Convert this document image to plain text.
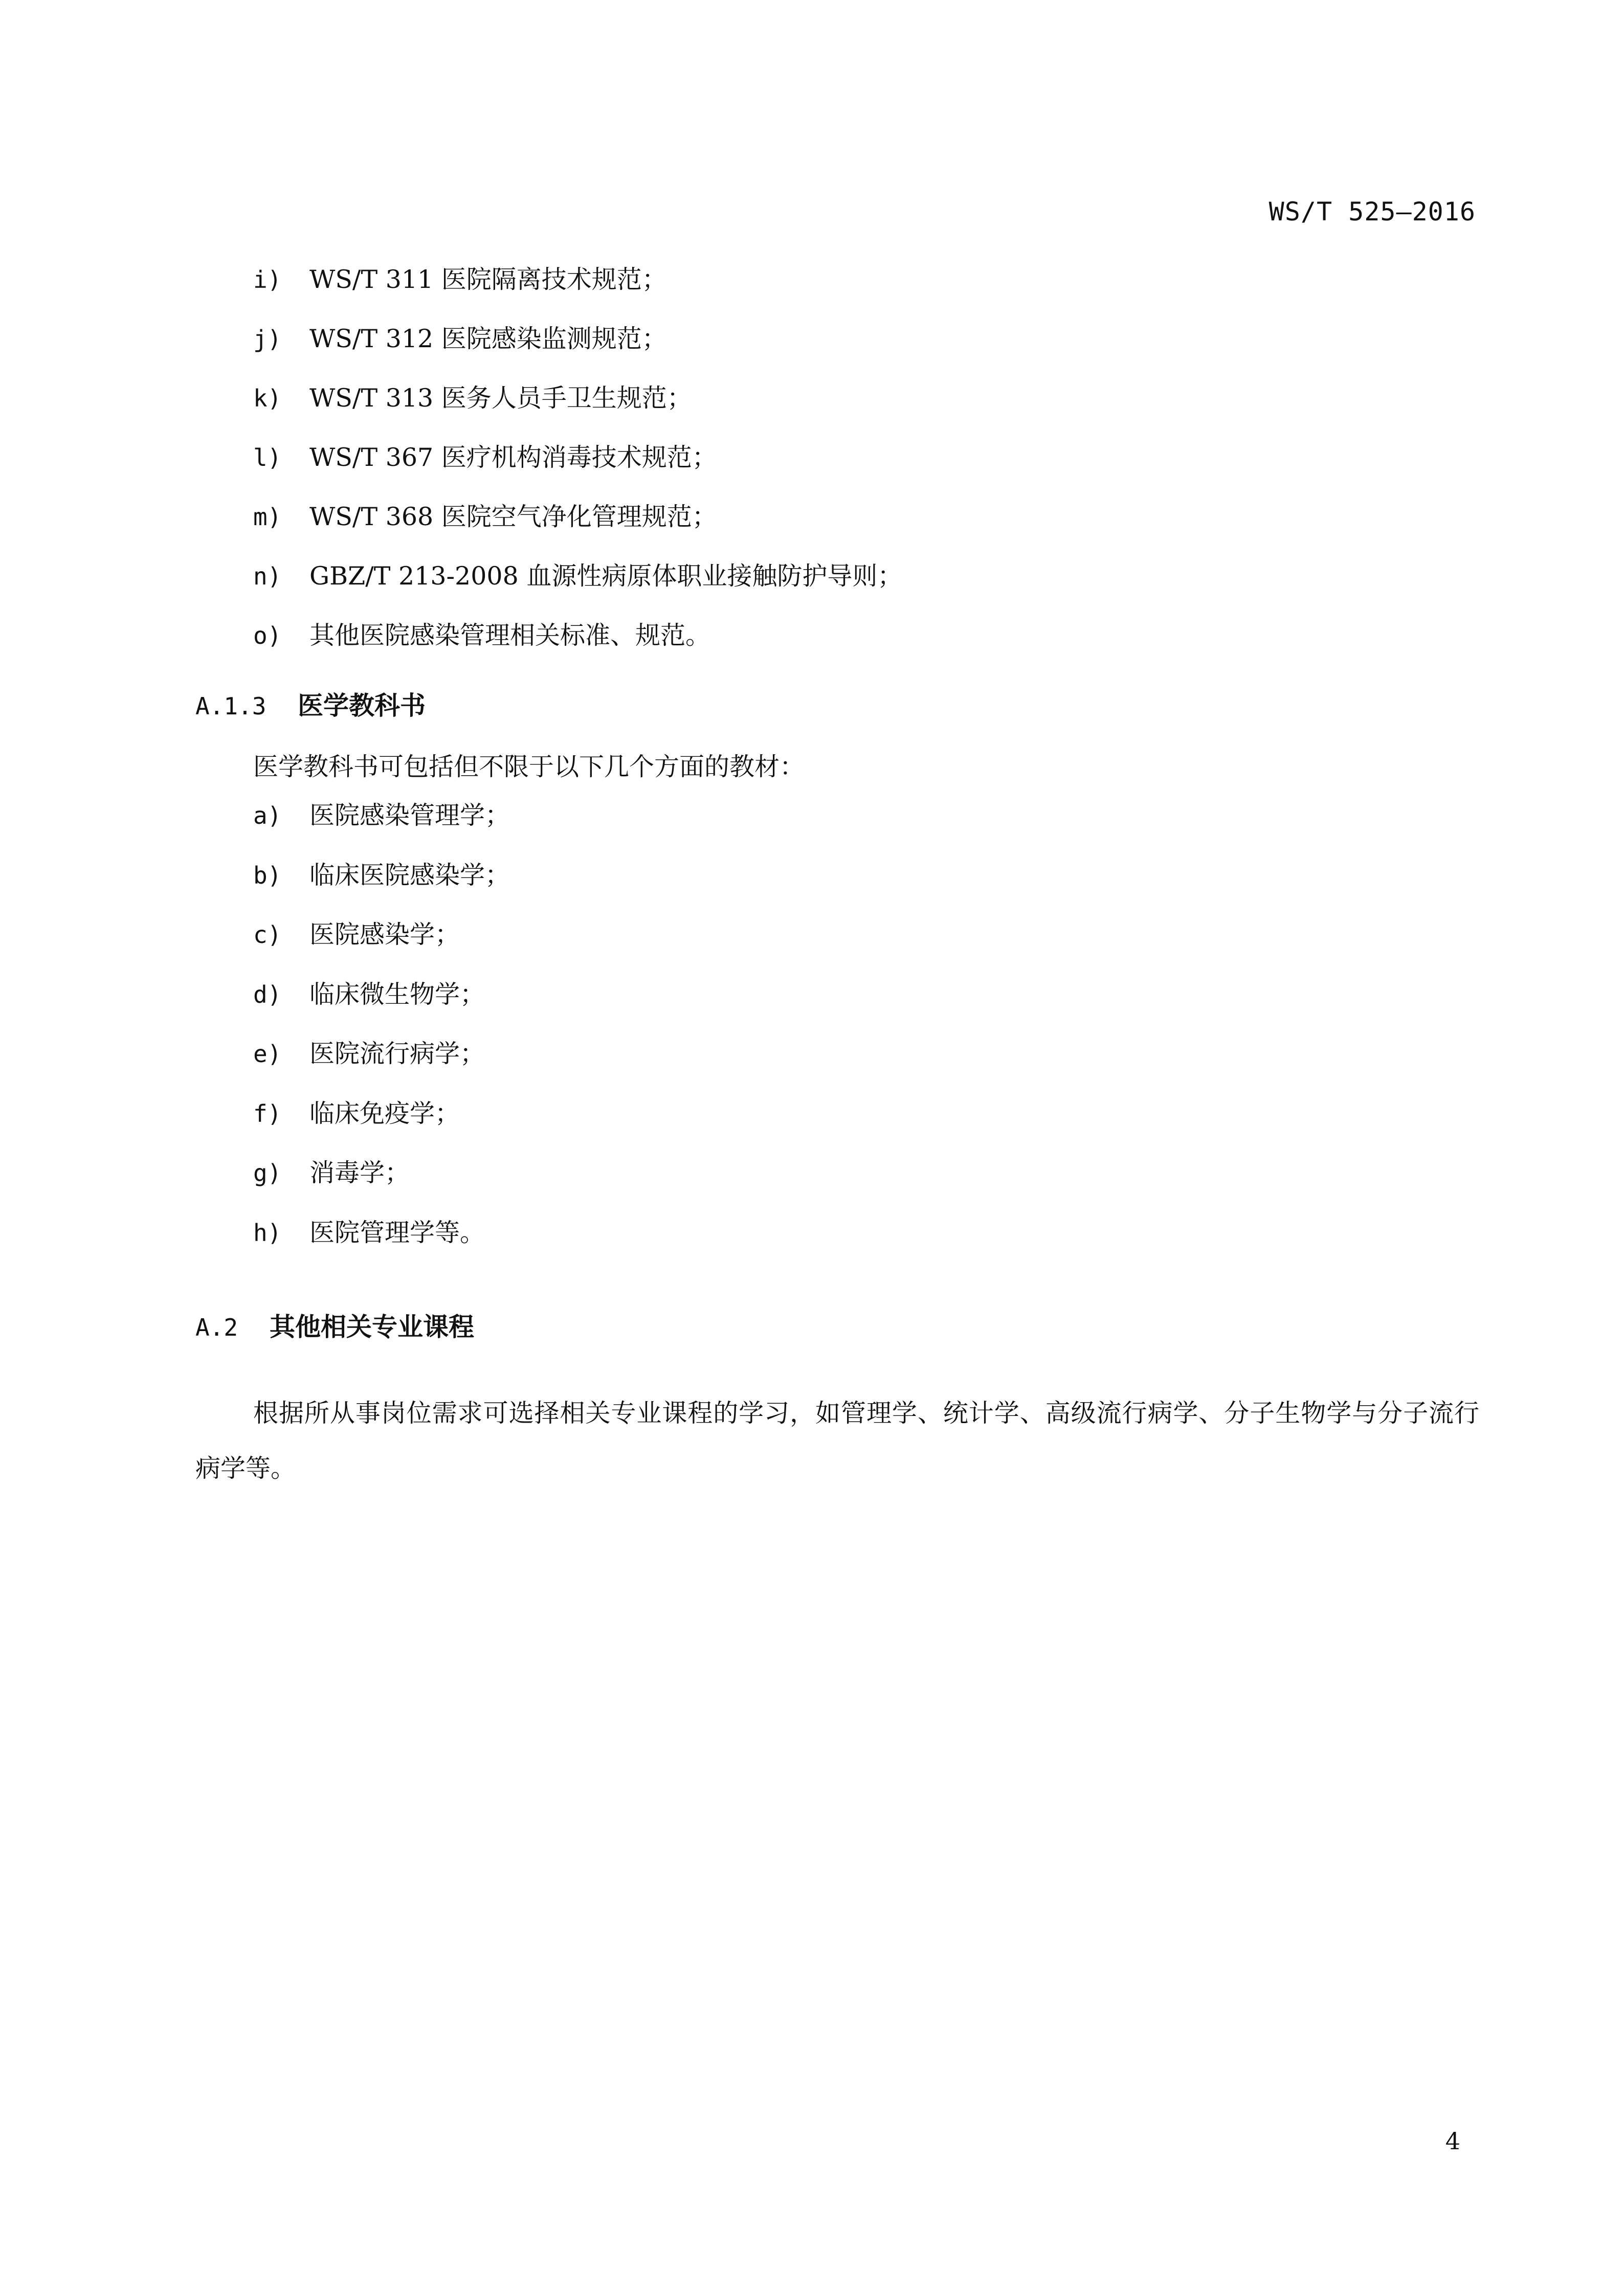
WS/T 525—2016
i)	WS/T 311 医院隔离技术规范；
j)	WS/T 312 医院感染监测规范；
k)	WS/T 313 医务人员手卫生规范；
l)	WS/T 367 医疗机构消毒技术规范；
m)	WS/T 368 医院空气净化管理规范；
n)	GBZ/T 213-2008 血源性病原体职业接触防护导则；
o)	其他医院感染管理相关标准、规范。
A.1.3 医学教科书
医学教科书可包括但不限于以下几个方面的教材：
a)	医院感染管理学；
b)	临床医院感染学；
c)	医院感染学；
d)	临床微生物学；
e)	医院流行病学；
f)	临床免疫学；
g)	消毒学；
h)	医院管理学等。
A.2 其他相关专业课程

根据所从事岗位需求可选择相关专业课程的学习，如管理学、统计学、高级流行病学、分子生物学与分子流行病学等。

4
